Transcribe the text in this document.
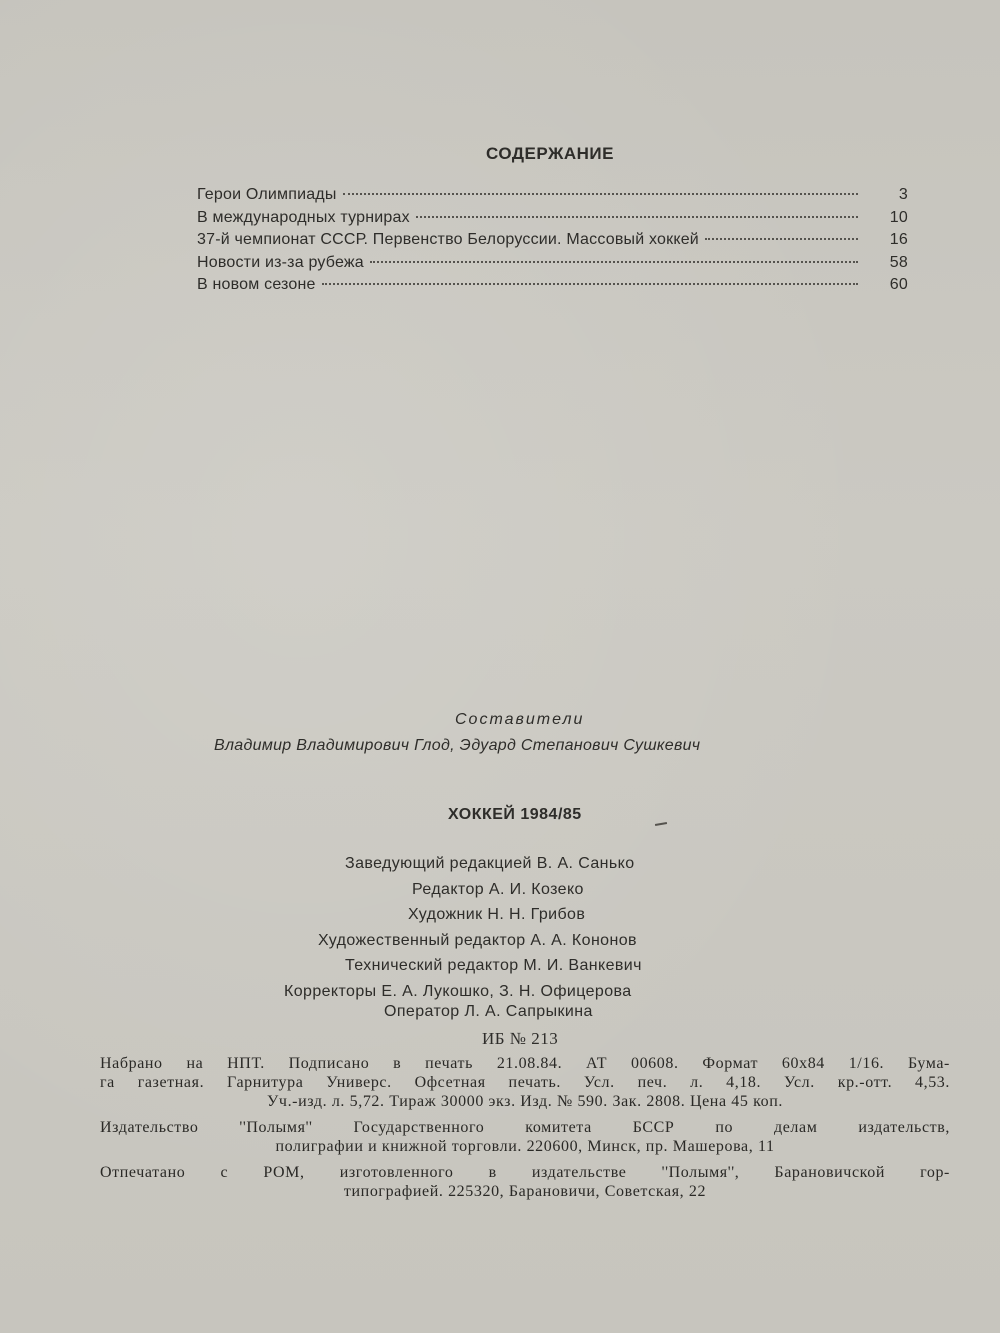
СОДЕРЖАНИЕ
Герои Олимпиады	3
В международных турнирах	10
37-й чемпионат СССР. Первенство Белоруссии. Массовый хоккей	16
Новости из-за рубежа	58
В новом сезоне	60
Составители
Владимир Владимирович Глод, Эдуард Степанович Сушкевич
ХОККЕЙ 1984/85
Заведующий редакцией В. А. Санько
Редактор А. И. Козеко
Художник Н. Н. Грибов
Художественный редактор А. А. Кононов
Технический редактор М. И. Ванкевич
Корректоры Е. А. Лукошко, З. Н. Офицерова
Оператор Л. А. Сапрыкина
ИБ № 213
Набрано на НПТ. Подписано в печать 21.08.84. АТ 00608. Формат 60х84 1/16. Бума-
га газетная. Гарнитура Универс. Офсетная печать. Усл. печ. л. 4,18. Усл. кр.-отт. 4,53.
Уч.-изд. л. 5,72. Тираж 30000 экз. Изд. № 590. Зак. 2808. Цена 45 коп.
Издательство ''Полымя'' Государственного комитета БССР по делам издательств,
полиграфии и книжной торговли. 220600, Минск, пр. Машерова, 11
Отпечатано с РОМ, изготовленного в издательстве ''Полымя'', Барановичской гор-
типографией. 225320, Барановичи, Советская, 22
